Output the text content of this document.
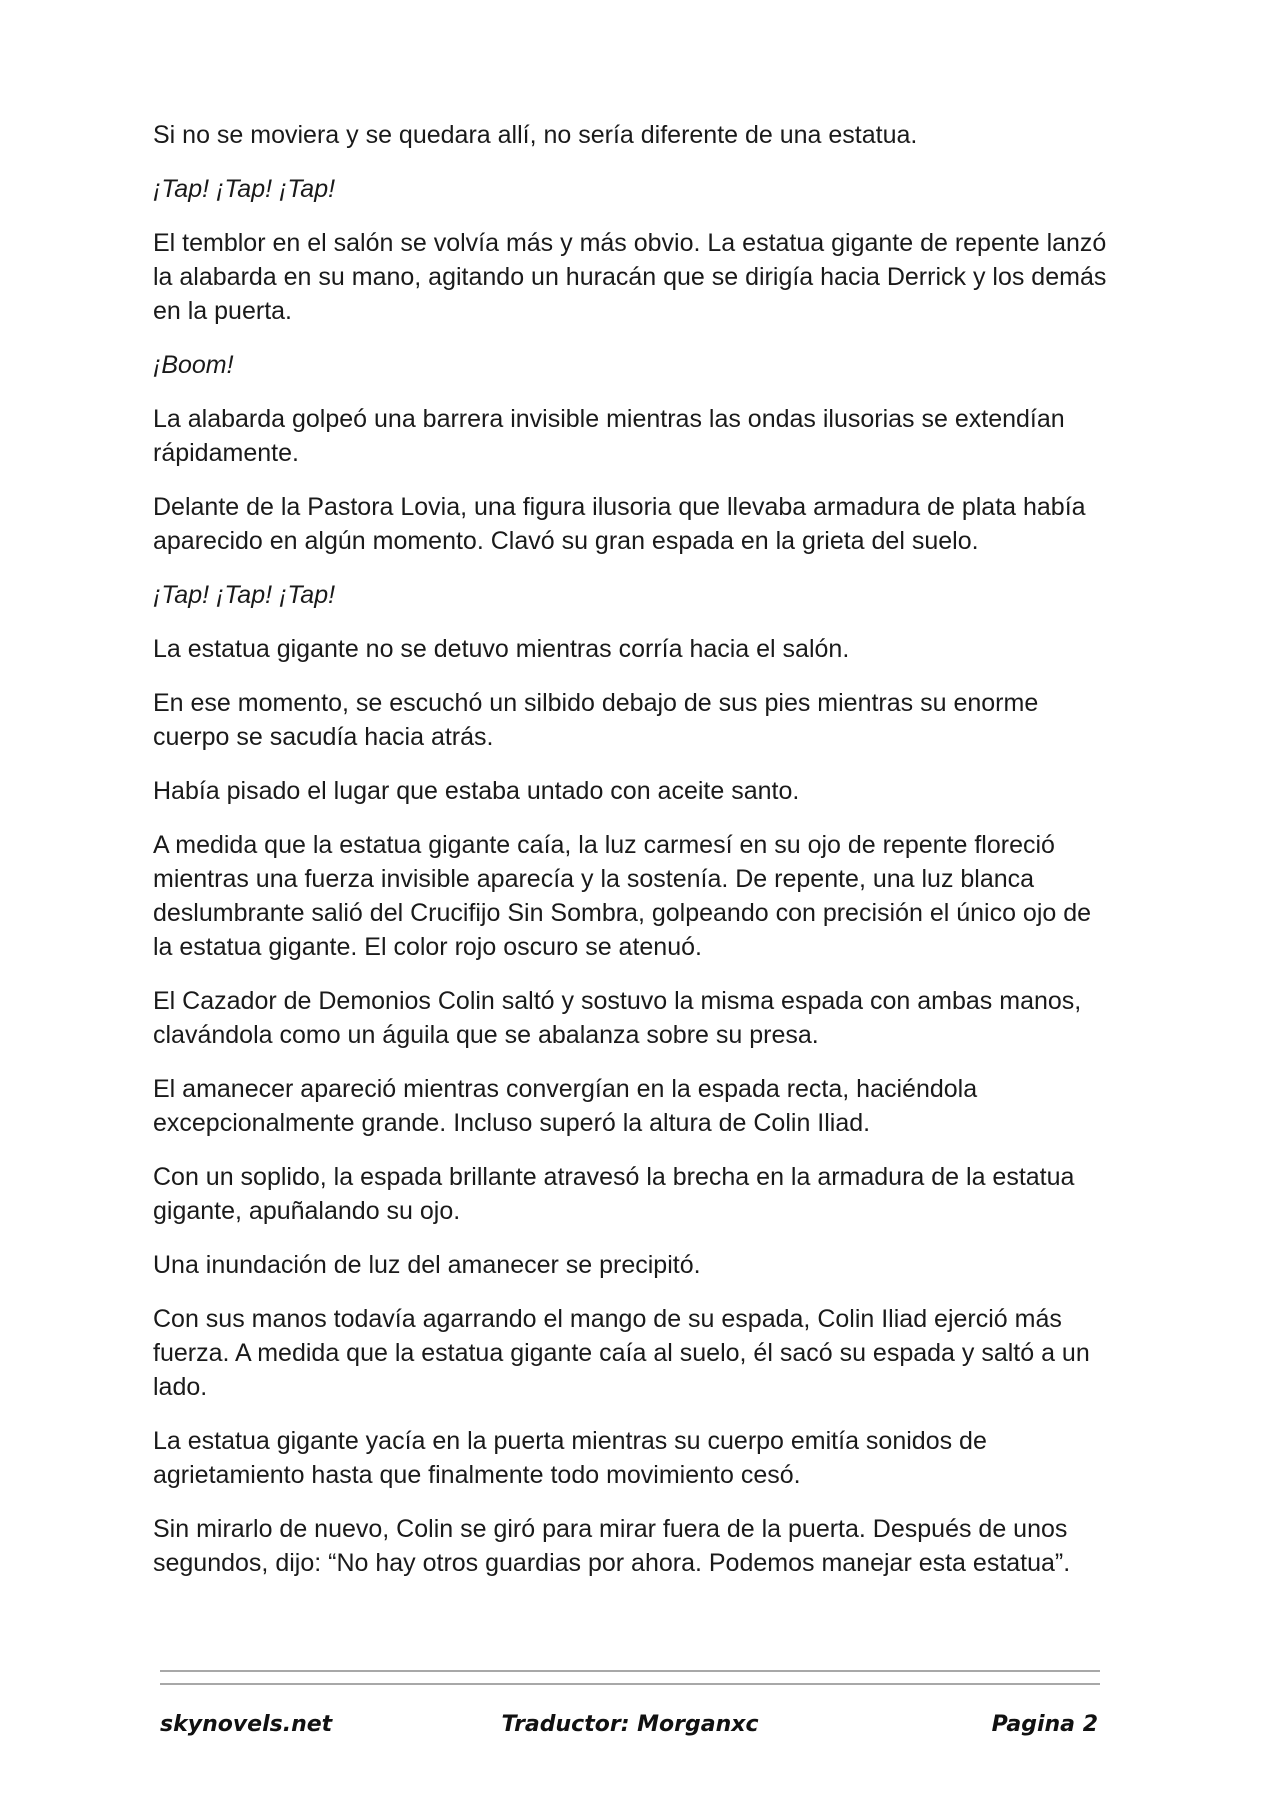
Si no se moviera y se quedara allí, no sería diferente de una estatua.

¡Tap! ¡Tap! ¡Tap!

El temblor en el salón se volvía más y más obvio. La estatua gigante de repente lanzó la alabarda en su mano, agitando un huracán que se dirigía hacia Derrick y los demás en la puerta.

¡Boom!

La alabarda golpeó una barrera invisible mientras las ondas ilusorias se extendían rápidamente.

Delante de la Pastora Lovia, una figura ilusoria que llevaba armadura de plata había aparecido en algún momento. Clavó su gran espada en la grieta del suelo.

¡Tap! ¡Tap! ¡Tap!

La estatua gigante no se detuvo mientras corría hacia el salón.

En ese momento, se escuchó un silbido debajo de sus pies mientras su enorme cuerpo se sacudía hacia atrás.

Había pisado el lugar que estaba untado con aceite santo.

A medida que la estatua gigante caía, la luz carmesí en su ojo de repente floreció mientras una fuerza invisible aparecía y la sostenía. De repente, una luz blanca deslumbrante salió del Crucifijo Sin Sombra, golpeando con precisión el único ojo de la estatua gigante. El color rojo oscuro se atenuó.

El Cazador de Demonios Colin saltó y sostuvo la misma espada con ambas manos, clavándola como un águila que se abalanza sobre su presa.

El amanecer apareció mientras convergían en la espada recta, haciéndola excepcionalmente grande. Incluso superó la altura de Colin Iliad.

Con un soplido, la espada brillante atravesó la brecha en la armadura de la estatua gigante, apuñalando su ojo.

Una inundación de luz del amanecer se precipitó.

Con sus manos todavía agarrando el mango de su espada, Colin Iliad ejerció más fuerza. A medida que la estatua gigante caía al suelo, él sacó su espada y saltó a un lado.

La estatua gigante yacía en la puerta mientras su cuerpo emitía sonidos de agrietamiento hasta que finalmente todo movimiento cesó.

Sin mirarlo de nuevo, Colin se giró para mirar fuera de la puerta. Después de unos segundos, dijo: “No hay otros guardias por ahora. Podemos manejar esta estatua”.

skynovels.net	Traductor: Morganxc	Pagina 2
